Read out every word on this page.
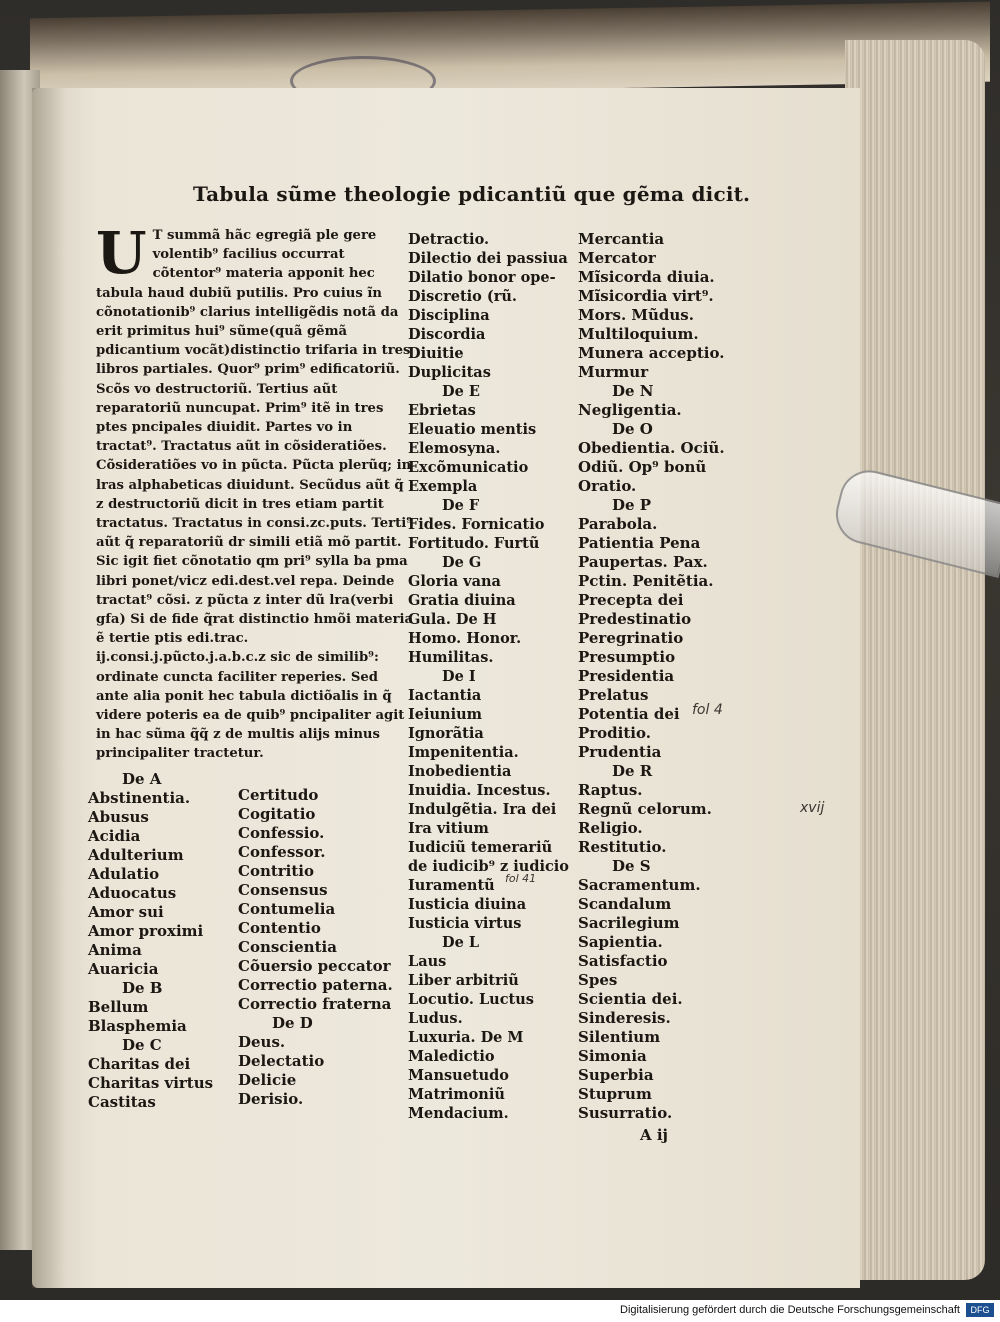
Tabula sũme theologie pdicantiũ que gẽma dicit.
U T summã hãc egregiã ple gere volentib⁹ facilius occurrat cõtentor⁹ materia apponit hec tabula haud dubiũ putilis. Pro cuius ĩn cõnotationib⁹ clarius intelligẽdis notã da erit primitus hui⁹ sũme(quã gẽmã pdicantium vocãt)distinctio trifaria in tres libros partiales. Quor⁹ prim⁹ edificatoriũ. Scõs vo destructoriũ. Tertius aũt reparatoriũ nuncupat. Prim⁹ itẽ in tres ptes pncipales diuidit. Partes vo in tractat⁹. Tractatus aũt in cõsideratiões. Cõsideratiões vo in pũcta. Pũcta plerũq; in lras alphabeticas diuidunt. Secũdus aũt q̃ z destructoriũ dicit in tres etiam partit tractatus. Tractatus in consi.zc.puts. Terti⁹ aũt q̃ reparatoriũ dr simili etiã mõ partit. Sic igit fiet cõnotatio qm pri⁹ sylla ba pma libri ponet/vicz edi.dest.vel repa. Deinde tractat⁹ cõsi. z pũcta z inter dũ lra(verbi gfa) Si de fide q̃rat distinctio hmõi materia ẽ tertie ptis edi.trac. ij.consi.j.pũcto.j.a.b.c.z sic de similib⁹: ordinate cuncta faciliter reperies. Sed ante alia ponit hec tabula dictiõalis in q̃ videre poteris ea de quib⁹ pncipaliter agit in hac sũma q̃q̃ z de multis alijs minus principaliter tractetur.
De A
Abstinentia.
Abusus
Acidia
Adulterium
Adulatio
Aduocatus
Amor sui
Amor proximi
Anima
Auaricia
De B
Bellum
Blasphemia
De C
Charitas dei
Charitas virtus
Castitas
Certitudo
Cogitatio
Confessio.
Confessor.
Contritio
Consensus
Contumelia
Contentio
Conscientia
Cõuersio peccator
Correctio paterna.
Correctio fraterna
De D
Deus.
Delectatio
Delicie
Derisio.
Detractio.
Dilectio dei passiua
Dilatio bonor ope-
Discretio (rũ.
Disciplina
Discordia
Diuitie
Duplicitas
De E
Ebrietas
Eleuatio mentis
Elemosyna.
Excõmunicatio
Exempla
De F
Fides. Fornicatio
Fortitudo. Furtũ
De G
Gloria vana
Gratia diuina
Gula. De H
Homo. Honor.
Humilitas.
De I
Iactantia
Ieiunium
Ignorãtia
Impenitentia.
Inobedientia
Inuidia. Incestus.
Indulgẽtia. Ira dei
Ira vitium
Iudiciũ temerariũ
de iudicib⁹ z iudicio
Iuramentũ
Iusticia diuina
Iusticia virtus
De L
Laus
Liber arbitriũ
Locutio. Luctus
Ludus.
Luxuria. De M
Maledictio
Mansuetudo
Matrimoniũ
Mendacium.
Mercantia
Mercator
Mĩsicorda diuia.
Mĩsicordia virt⁹.
Mors. Mũdus.
Multiloquium.
Munera acceptio.
Murmur
De N
Negligentia.
De O
Obedientia. Ociũ.
Odiũ. Op⁹ bonũ
Oratio.
De P
Parabola.
Patientia Pena
Paupertas. Pax.
Pctin. Penitẽtia.
Precepta dei
Predestinatio
Peregrinatio
Presumptio
Presidentia
Prelatus
Potentia dei
Proditio.
Prudentia
De R
Raptus.
Regnũ celorum.
Religio.
Restitutio.
De S
Sacramentum.
Scandalum
Sacrilegium
Sapientia.
Satisfactio
Spes
Scientia dei.
Sinderesis.
Silentium
Simonia
Superbia
Stuprum
Susurratio.
A ij
fol 4
fol 41
xvij
Digitalisierung gefördert durch die Deutsche Forschungsgemeinschaft	DFG
